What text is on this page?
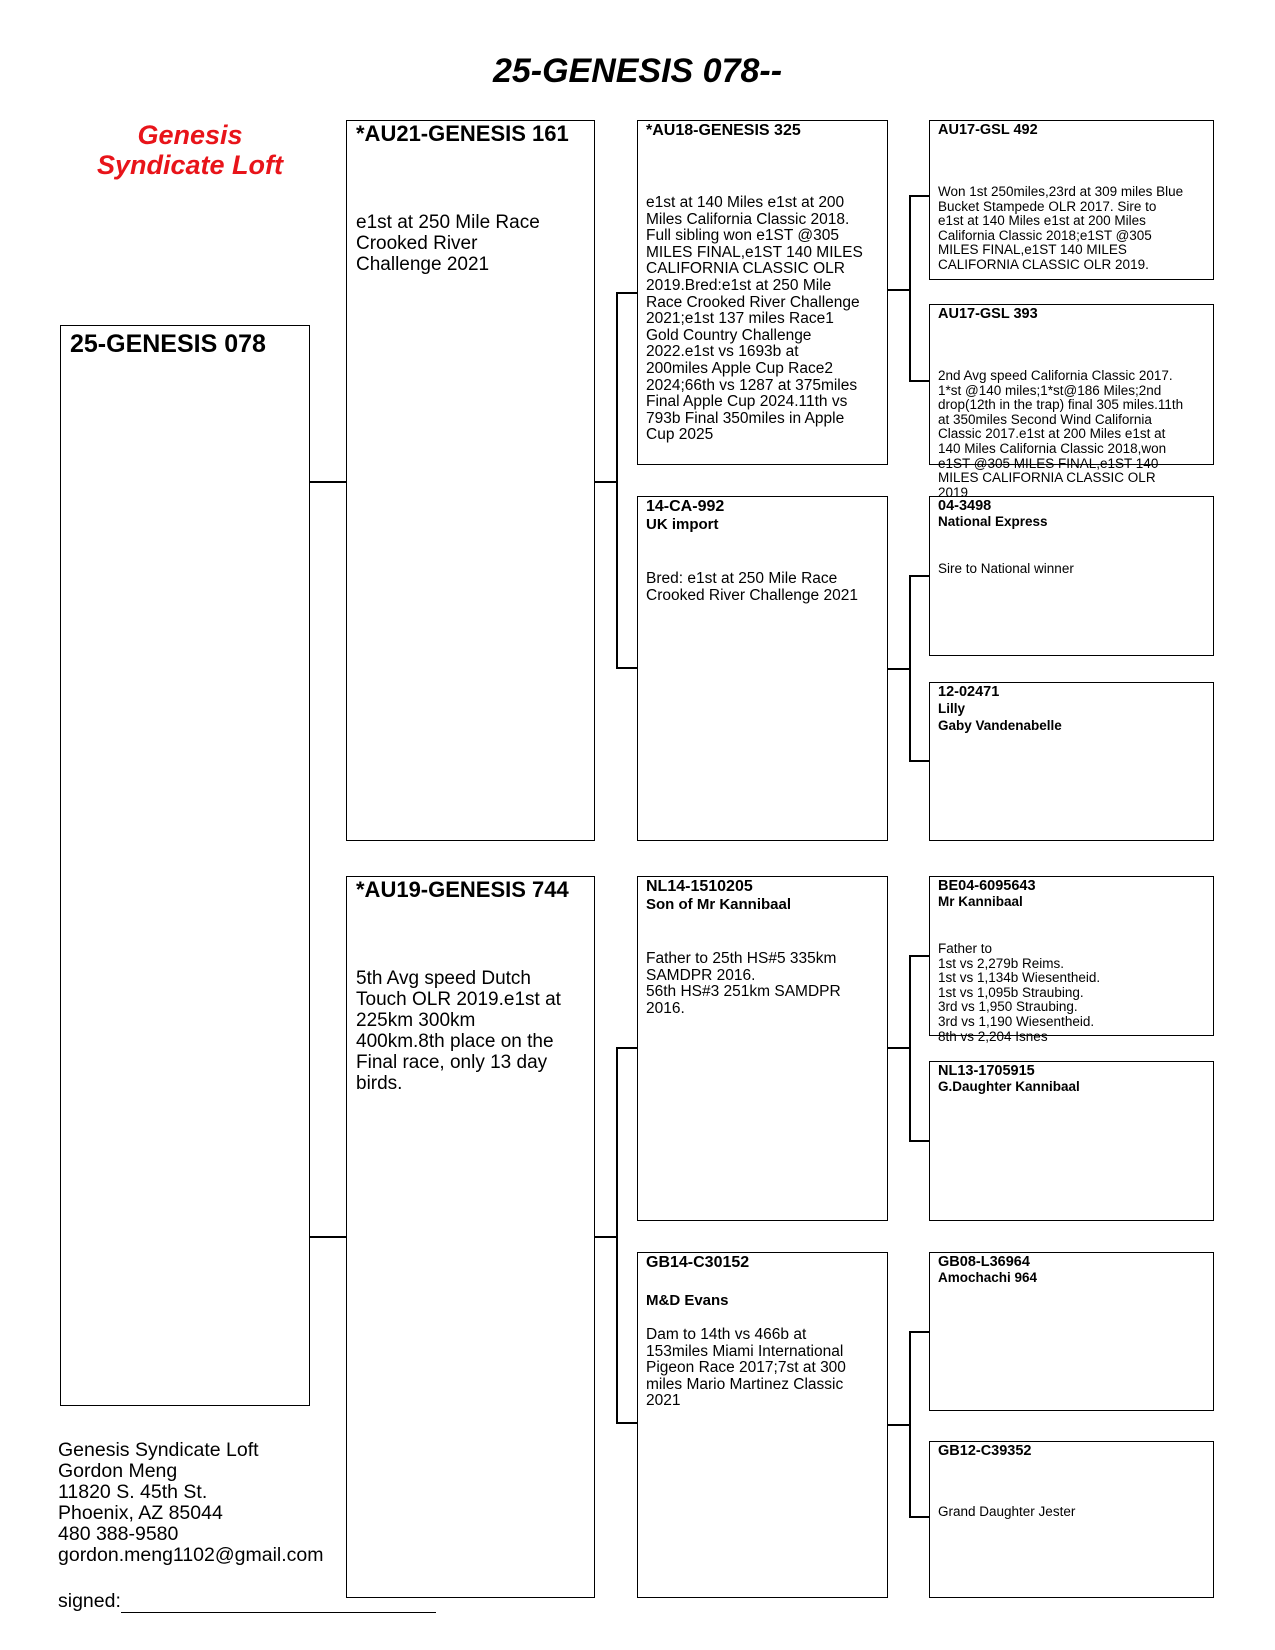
25-GENESIS 078--
Genesis
Syndicate Loft
25-GENESIS 078
*AU21-GENESIS 161
e1st at 250 Mile Race
Crooked River
Challenge 2021
*AU19-GENESIS 744
5th Avg speed Dutch
Touch OLR 2019.e1st at
225km 300km
400km.8th place on the
Final race, only 13 day
birds.
*AU18-GENESIS 325
e1st at 140 Miles e1st at 200
Miles California Classic 2018.
Full sibling won e1ST @305
MILES FINAL,e1ST 140 MILES
CALIFORNIA CLASSIC OLR
2019.Bred:e1st at 250 Mile
Race Crooked River Challenge
2021;e1st 137 miles Race1
Gold Country Challenge
2022.e1st vs 1693b at
200miles Apple Cup Race2
2024;66th vs 1287 at 375miles
Final Apple Cup 2024.11th vs
793b Final 350miles in Apple
Cup 2025
14-CA-992
UK import
Bred: e1st at 250 Mile Race
Crooked River Challenge 2021
NL14-1510205
Son of Mr Kannibaal
Father to 25th HS#5 335km
SAMDPR 2016.
56th HS#3 251km SAMDPR
2016.
GB14-C30152
M&D Evans
Dam to 14th vs 466b at
153miles Miami International
Pigeon Race 2017;7st at 300
miles Mario Martinez Classic
2021
AU17-GSL 492
Won 1st 250miles,23rd at 309 miles Blue
Bucket Stampede OLR 2017. Sire to
e1st at 140 Miles e1st at 200 Miles
California Classic 2018;e1ST @305
MILES FINAL,e1ST 140 MILES
CALIFORNIA CLASSIC OLR 2019.
AU17-GSL 393
2nd Avg speed California Classic 2017.
1*st @140 miles;1*st@186 Miles;2nd
drop(12th in the trap) final 305 miles.11th
at 350miles Second Wind California
Classic 2017.e1st at 200 Miles e1st at
140 Miles California Classic 2018,won
e1ST @305 MILES FINAL,e1ST 140
MILES CALIFORNIA CLASSIC OLR
2019
04-3498
National Express
Sire to National winner
12-02471
Lilly
Gaby Vandenabelle
BE04-6095643
Mr Kannibaal
Father to
1st vs 2,279b Reims.
1st vs 1,134b Wiesentheid.
1st vs 1,095b Straubing.
3rd vs 1,950 Straubing.
3rd vs 1,190 Wiesentheid.
8th vs 2,204 Isnes
NL13-1705915
G.Daughter Kannibaal
GB08-L36964
Amochachi 964
GB12-C39352
Grand Daughter Jester
Genesis Syndicate Loft
Gordon Meng
11820 S. 45th St.
Phoenix, AZ 85044
480 388-9580
gordon.meng1102@gmail.com
signed:
